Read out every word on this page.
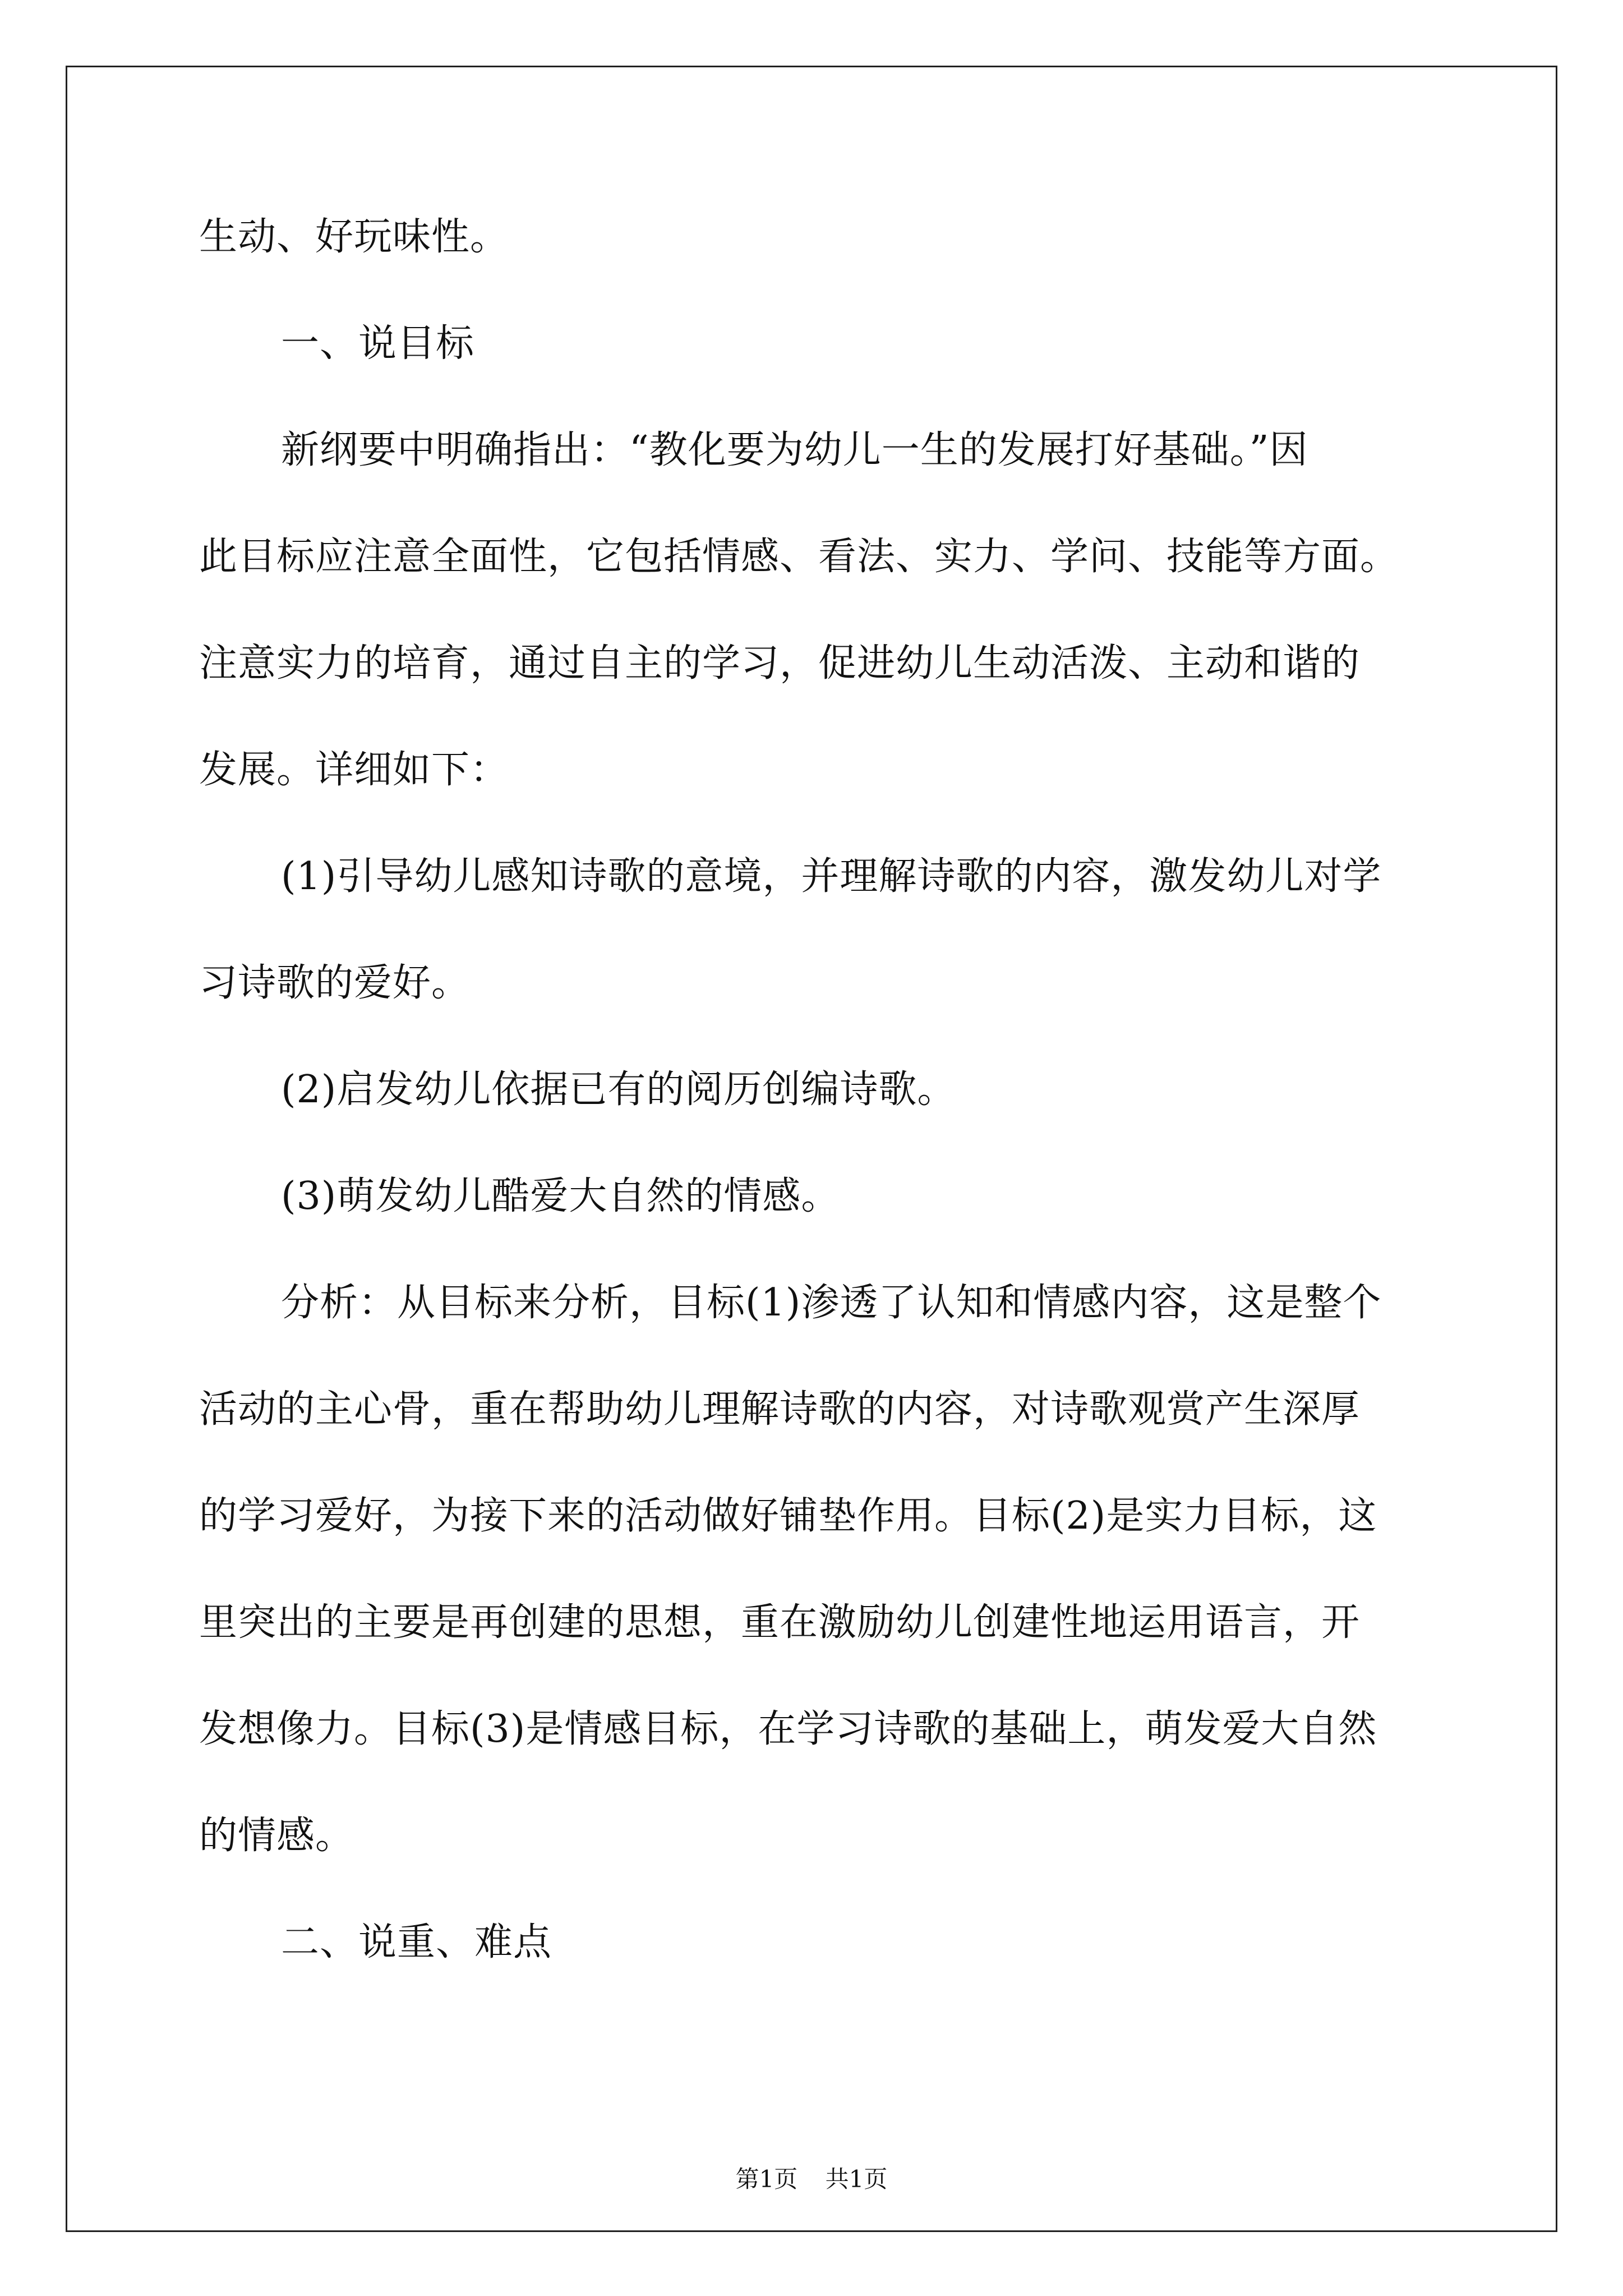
生动、好玩味性。
一、说目标
新纲要中明确指出：“教化要为幼儿一生的发展打好基础。”因
此目标应注意全面性，它包括情感、看法、实力、学问、技能等方面。
注意实力的培育，通过自主的学习，促进幼儿生动活泼、主动和谐的
发展。详细如下：
(1)引导幼儿感知诗歌的意境，并理解诗歌的内容，激发幼儿对学
习诗歌的爱好。
(2)启发幼儿依据已有的阅历创编诗歌。
(3)萌发幼儿酷爱大自然的情感。
分析：从目标来分析，目标(1)渗透了认知和情感内容，这是整个
活动的主心骨，重在帮助幼儿理解诗歌的内容，对诗歌观赏产生深厚
的学习爱好，为接下来的活动做好铺垫作用。目标(2)是实力目标，这
里突出的主要是再创建的思想，重在激励幼儿创建性地运用语言，开
发想像力。目标(3)是情感目标，在学习诗歌的基础上，萌发爱大自然
的情感。
二、说重、难点
第1页 共1页
